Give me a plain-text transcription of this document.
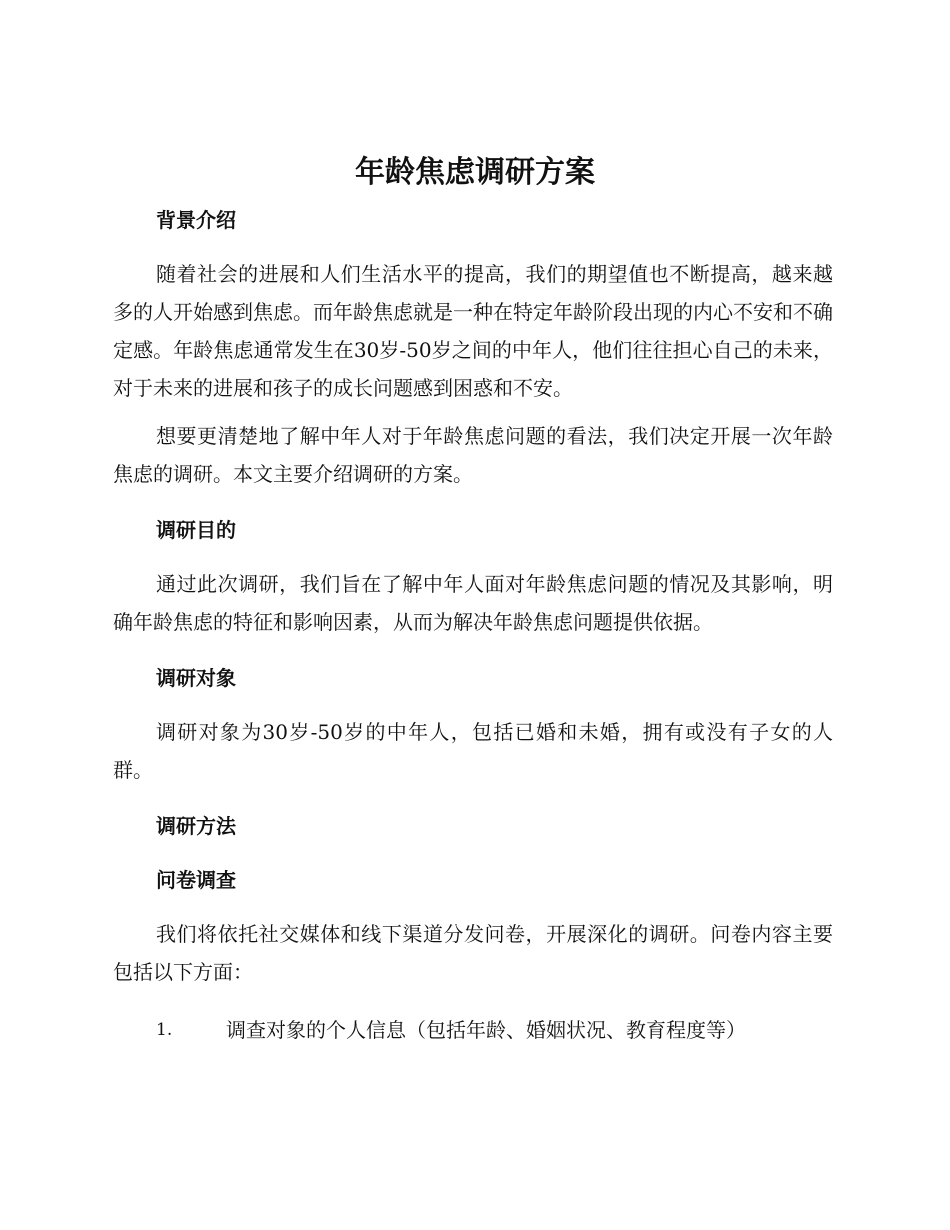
年龄焦虑调研方案

背景介绍

随着社会的进展和人们生活水平的提高，我们的期望值也不断提高，越来越多的人开始感到焦虑。而年龄焦虑就是一种在特定年龄阶段出现的内心不安和不确定感。年龄焦虑通常发生在30岁-50岁之间的中年人，他们往往担心自己的未来，对于未来的进展和孩子的成长问题感到困惑和不安。

想要更清楚地了解中年人对于年龄焦虑问题的看法，我们决定开展一次年龄焦虑的调研。本文主要介绍调研的方案。

调研目的

通过此次调研，我们旨在了解中年人面对年龄焦虑问题的情况及其影响，明确年龄焦虑的特征和影响因素，从而为解决年龄焦虑问题提供依据。

调研对象

调研对象为30岁-50岁的中年人，包括已婚和未婚，拥有或没有子女的人群。

调研方法

问卷调查

我们将依托社交媒体和线下渠道分发问卷，开展深化的调研。问卷内容主要包括以下方面：

1.	调查对象的个人信息（包括年龄、婚姻状况、教育程度等）
